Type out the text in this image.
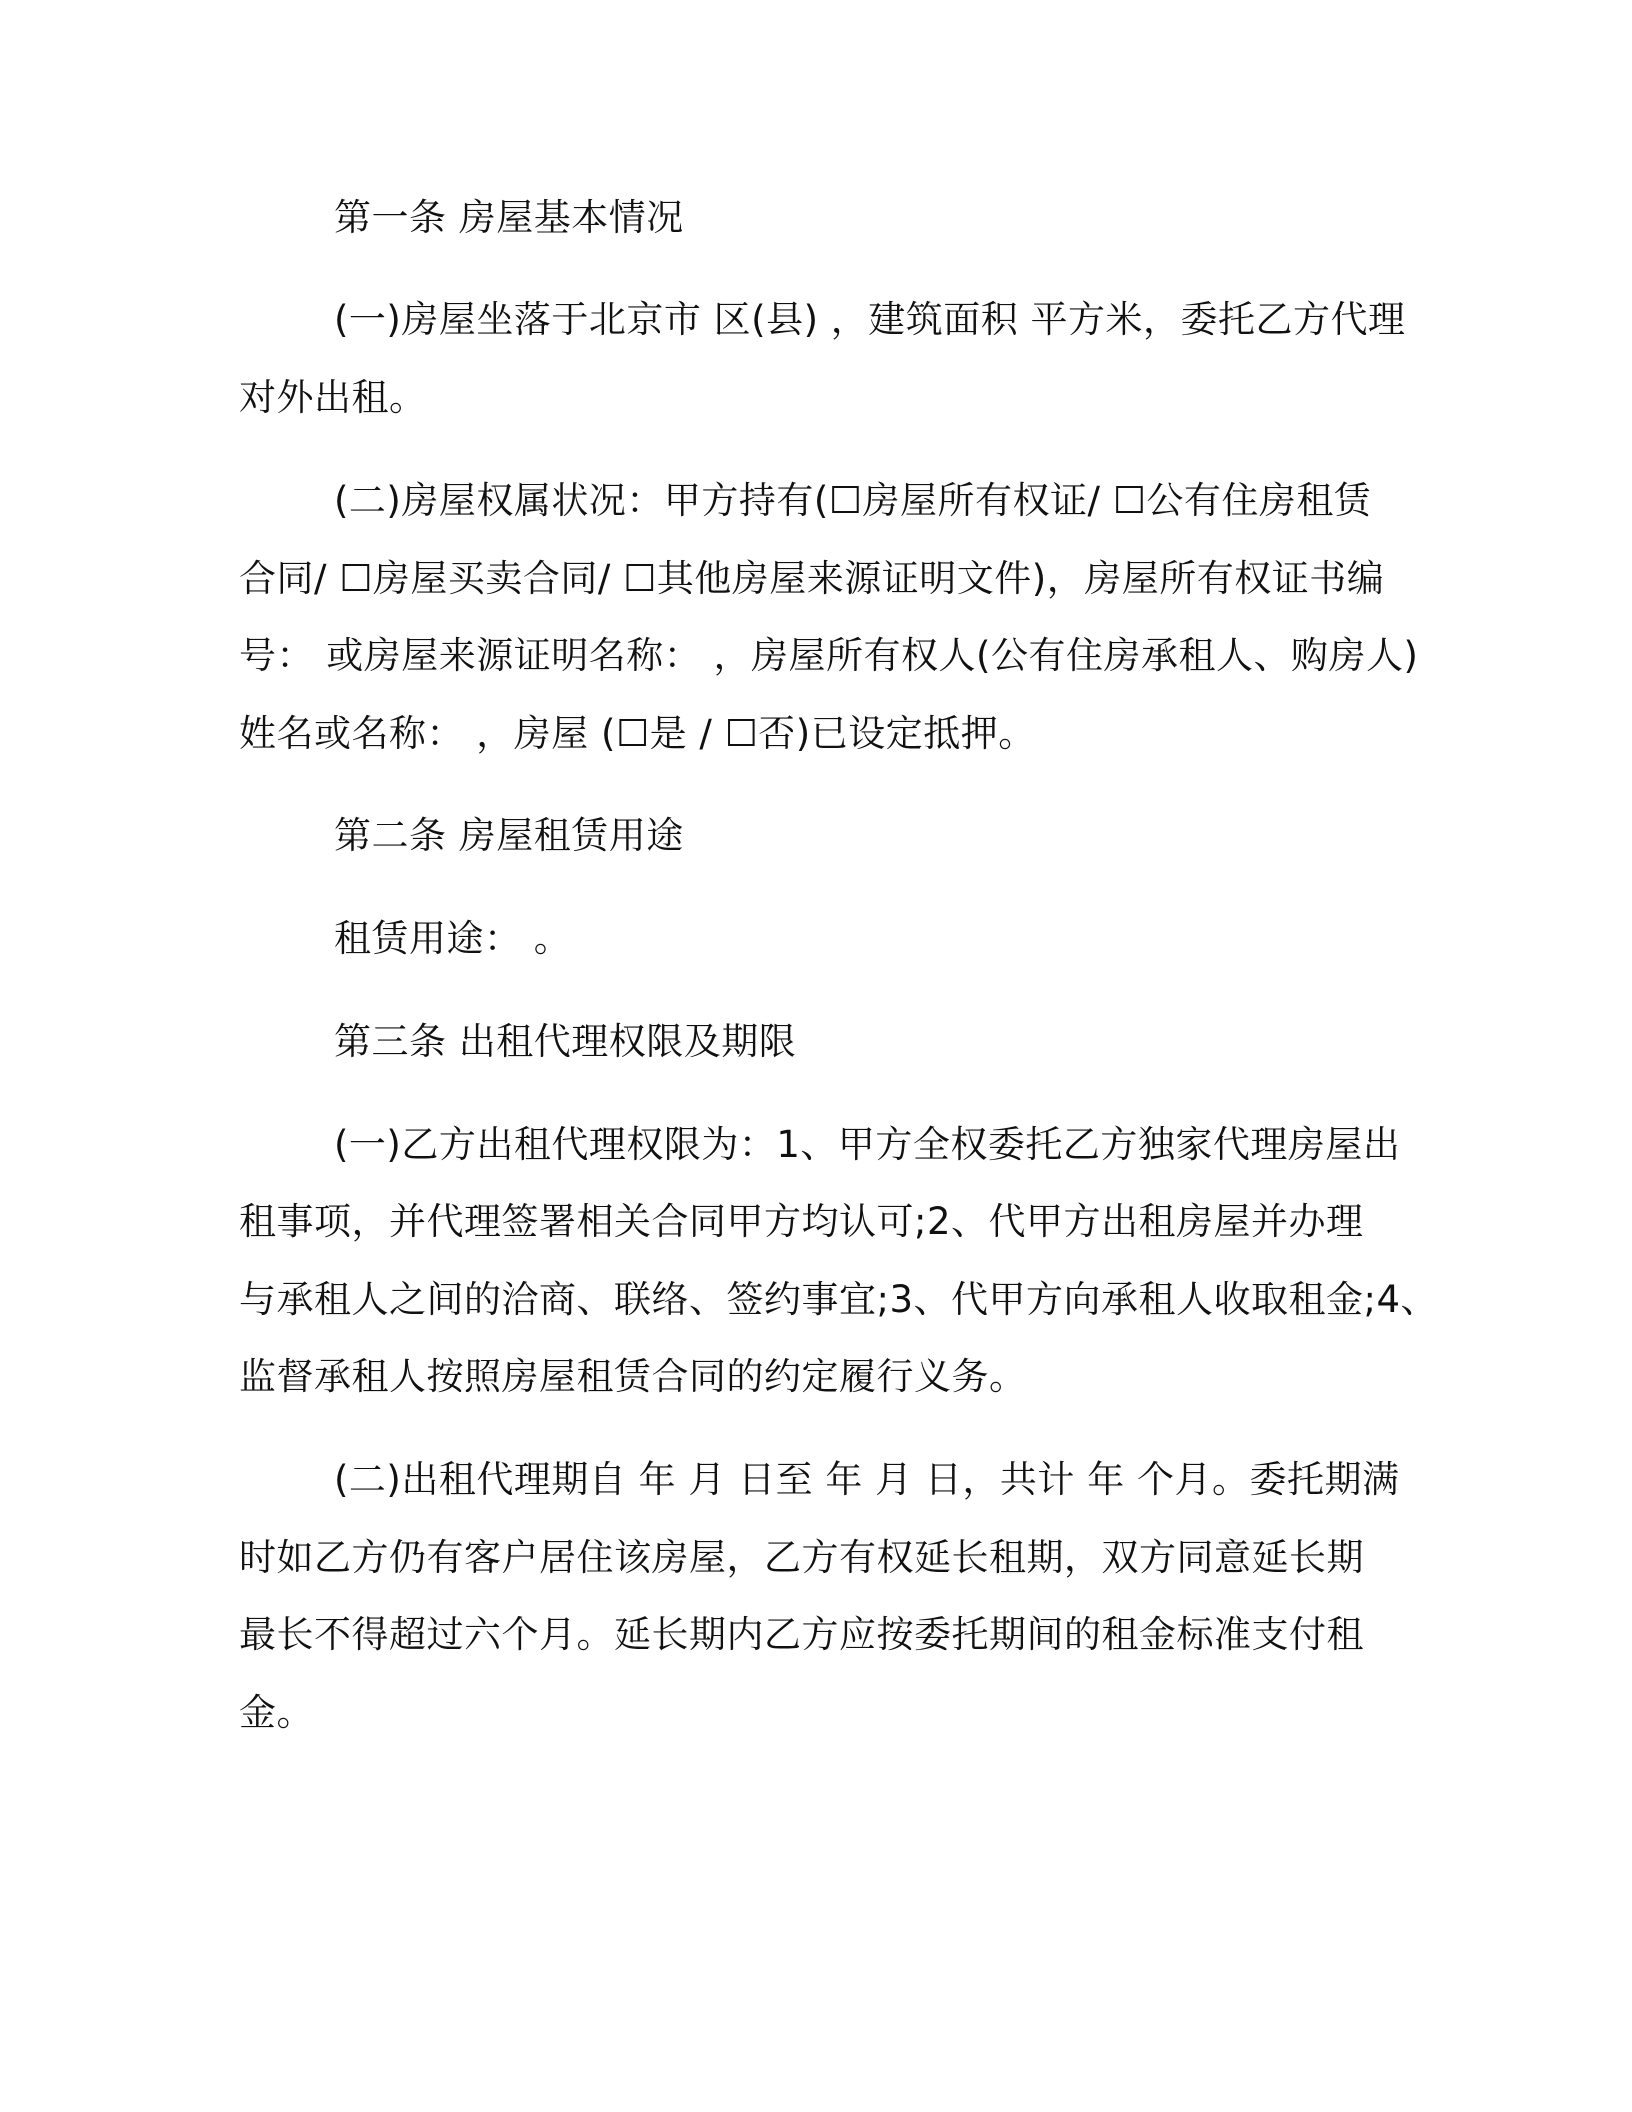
第一条 房屋基本情况
(一)房屋坐落于北京市 区(县) ，建筑面积 平方米，委托乙方代理
对外出租。
(二)房屋权属状况：甲方持有(☐房屋所有权证/ ☐公有住房租赁
合同/ ☐房屋买卖合同/ ☐其他房屋来源证明文件)，房屋所有权证书编
号： 或房屋来源证明名称： ，房屋所有权人(公有住房承租人、购房人)
姓名或名称： ，房屋 (☐是 / ☐否)已设定抵押。
第二条 房屋租赁用途
租赁用途： 。
第三条 出租代理权限及期限
(一)乙方出租代理权限为：1、甲方全权委托乙方独家代理房屋出
租事项，并代理签署相关合同甲方均认可;2、代甲方出租房屋并办理
与承租人之间的洽商、联络、签约事宜;3、代甲方向承租人收取租金;4、
监督承租人按照房屋租赁合同的约定履行义务。
(二)出租代理期自 年 月 日至 年 月 日，共计 年 个月。委托期满
时如乙方仍有客户居住该房屋，乙方有权延长租期，双方同意延长期
最长不得超过六个月。延长期内乙方应按委托期间的租金标准支付租
金。
